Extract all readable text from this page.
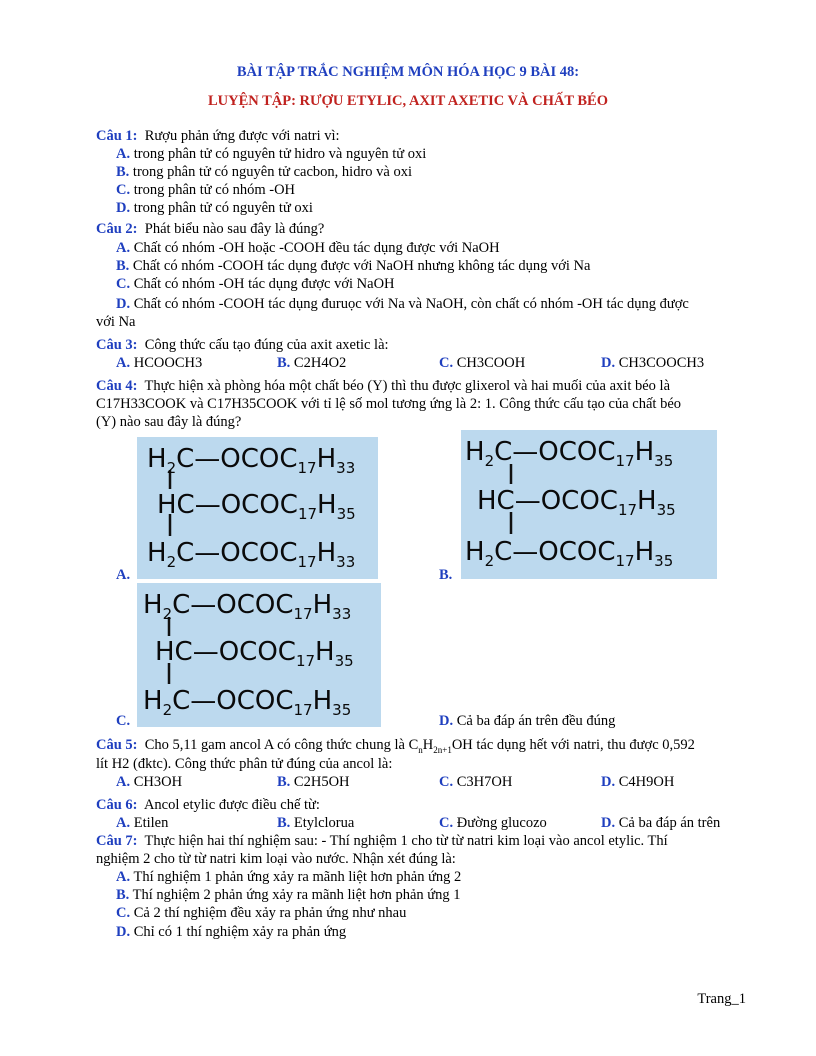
BÀI TẬP TRẮC NGHIỆM MÔN HÓA HỌC 9 BÀI 48:
LUYỆN TẬP: RƯỢU ETYLIC, AXIT AXETIC VÀ CHẤT BÉO
Câu 1: Rượu phản ứng được với natri vì:
A. trong phân tử có nguyên tử hidro và nguyên tử oxi
B. trong phân tử có nguyên tử cacbon, hidro và oxi
C. trong phân tử có nhóm -OH
D. trong phân tử có nguyên tử oxi
Câu 2: Phát biểu nào sau đây là đúng?
A. Chất có nhóm -OH hoặc -COOH đều tác dụng được với NaOH
B. Chất có nhóm -COOH tác dụng được với NaOH nhưng không tác dụng với Na
C. Chất có nhóm -OH tác dụng được với NaOH
D. Chất có nhóm -COOH tác dụng đuruọc với Na và NaOH, còn chất có nhóm -OH tác dụng được
với Na
Câu 3: Công thức cấu tạo đúng của axit axetic là:
A. HCOOCH3	B. C2H4O2	C. CH3COOH	D. CH3COOCH3
Câu 4: Thực hiện xà phòng hóa một chất béo (Y) thì thu được glixerol và hai muối của axit béo là
C17H33COOK và C17H35COOK với tỉ lệ số mol tương ứng là 2: 1. Công thức cấu tạo của chất béo
(Y) nào sau đây là đúng?
A.
$H_2C—OCOC_{17}H_{33}$
$HC—OCOC_{17}H_{35}$
$H_2C—OCOC_{17}H_{33}$
B.
$H_2C—OCOC_{17}H_{35}$
$HC—OCOC_{17}H_{35}$
$H_2C—OCOC_{17}H_{35}$
C.
$H_2C—OCOC_{17}H_{33}$
$HC—OCOC_{17}H_{35}$
$H_2C—OCOC_{17}H_{35}$
D. Cả ba đáp án trên đều đúng
Câu 5: Cho 5,11 gam ancol A có công thức chung là $C_nH_{2n+1}OH$ tác dụng hết với natri, thu được 0,592
lít H2 (đktc). Công thức phân tử đúng của ancol là:
A. CH3OH	B. C2H5OH	C. C3H7OH	D. C4H9OH
Câu 6: Ancol etylic được điều chế từ:
A. Etilen	B. Etylclorua	C. Đường glucozo	D. Cả ba đáp án trên
Câu 7: Thực hiện hai thí nghiệm sau: - Thí nghiệm 1 cho từ từ natri kim loại vào ancol etylic. Thí
nghiệm 2 cho từ từ natri kim loại vào nước. Nhận xét đúng là:
A. Thí nghiệm 1 phản ứng xảy ra mãnh liệt hơn phản ứng 2
B. Thí nghiệm 2 phản ứng xảy ra mãnh liệt hơn phản ứng 1
C. Cả 2 thí nghiệm đều xảy ra phản ứng như nhau
D. Chỉ có 1 thí nghiệm xảy ra phản ứng
Trang_1
